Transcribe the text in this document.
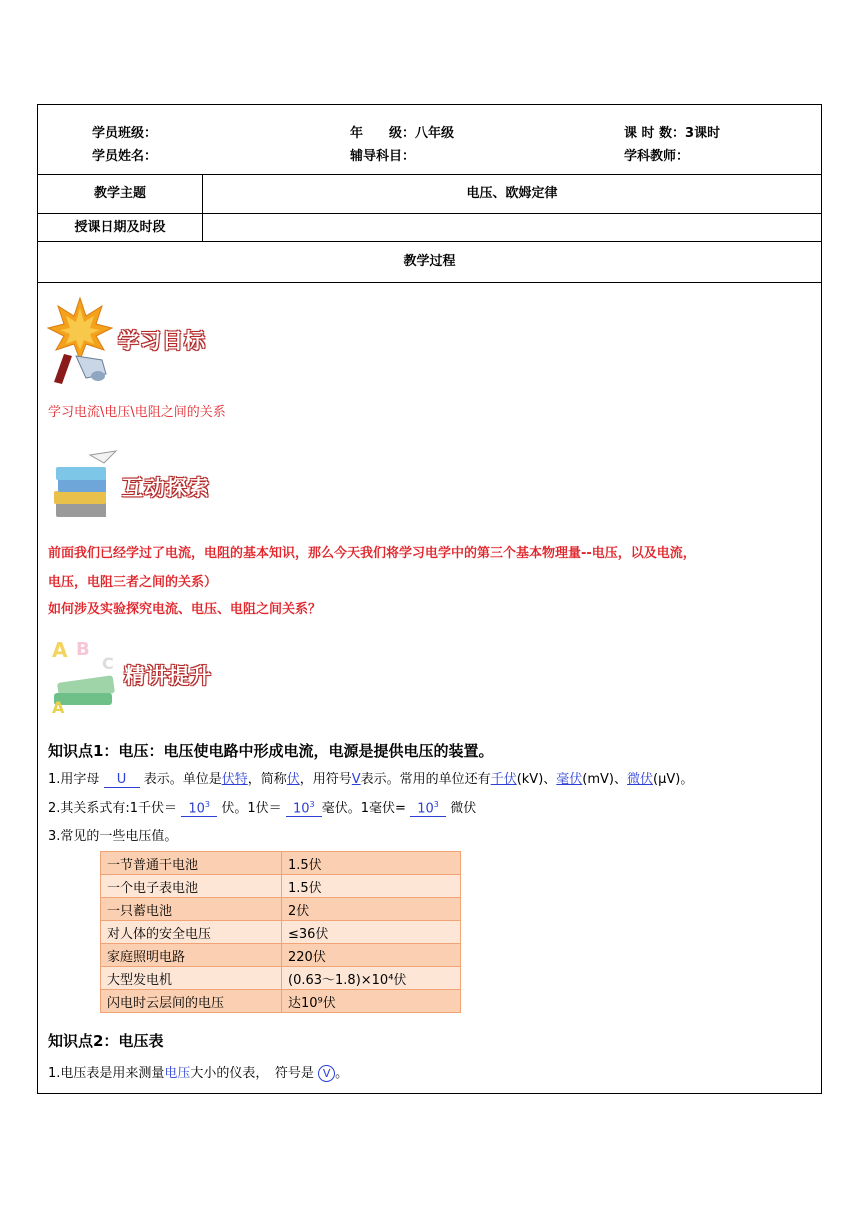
学员班级：	年　　级：八年级	课 时 数：3课时
学员姓名：	辅导科目：	学科教师：
教学主题	电压、欧姆定律
授课日期及时段
教学过程
学习目标
学习电流\电压\电阻之间的关系
互动探索
前面我们已经学过了电流，电阻的基本知识，那么今天我们将学习电学中的第三个基本物理量--电压，以及电流，
电压，电阻三者之间的关系）
如何涉及实验探究电流、电压、电阻之间关系？
A B
C
A
精讲提升
知识点1：电压：电压使电路中形成电流，电源是提供电压的装置。
1.用字母 U 表示。单位是伏特，简称伏，用符号V表示。常用的单位还有千伏(kV)、毫伏(mV)、微伏(μV)。
2.其关系式有:1千伏＝ $10^3$ 伏。1伏＝ $10^3$ 毫伏。1毫伏= $10^3$ 微伏
3.常见的一些电压值。
一节普通干电池	1.5伏
一个电子表电池	1.5伏
一只蓄电池	2伏
对人体的安全电压	≤36伏
家庭照明电路	220伏
大型发电机	(0.63～1.8)×10⁴伏
闪电时云层间的电压	达10⁹伏
知识点2：电压表
1.电压表是用来测量电压大小的仪表，　符号是 V 。
